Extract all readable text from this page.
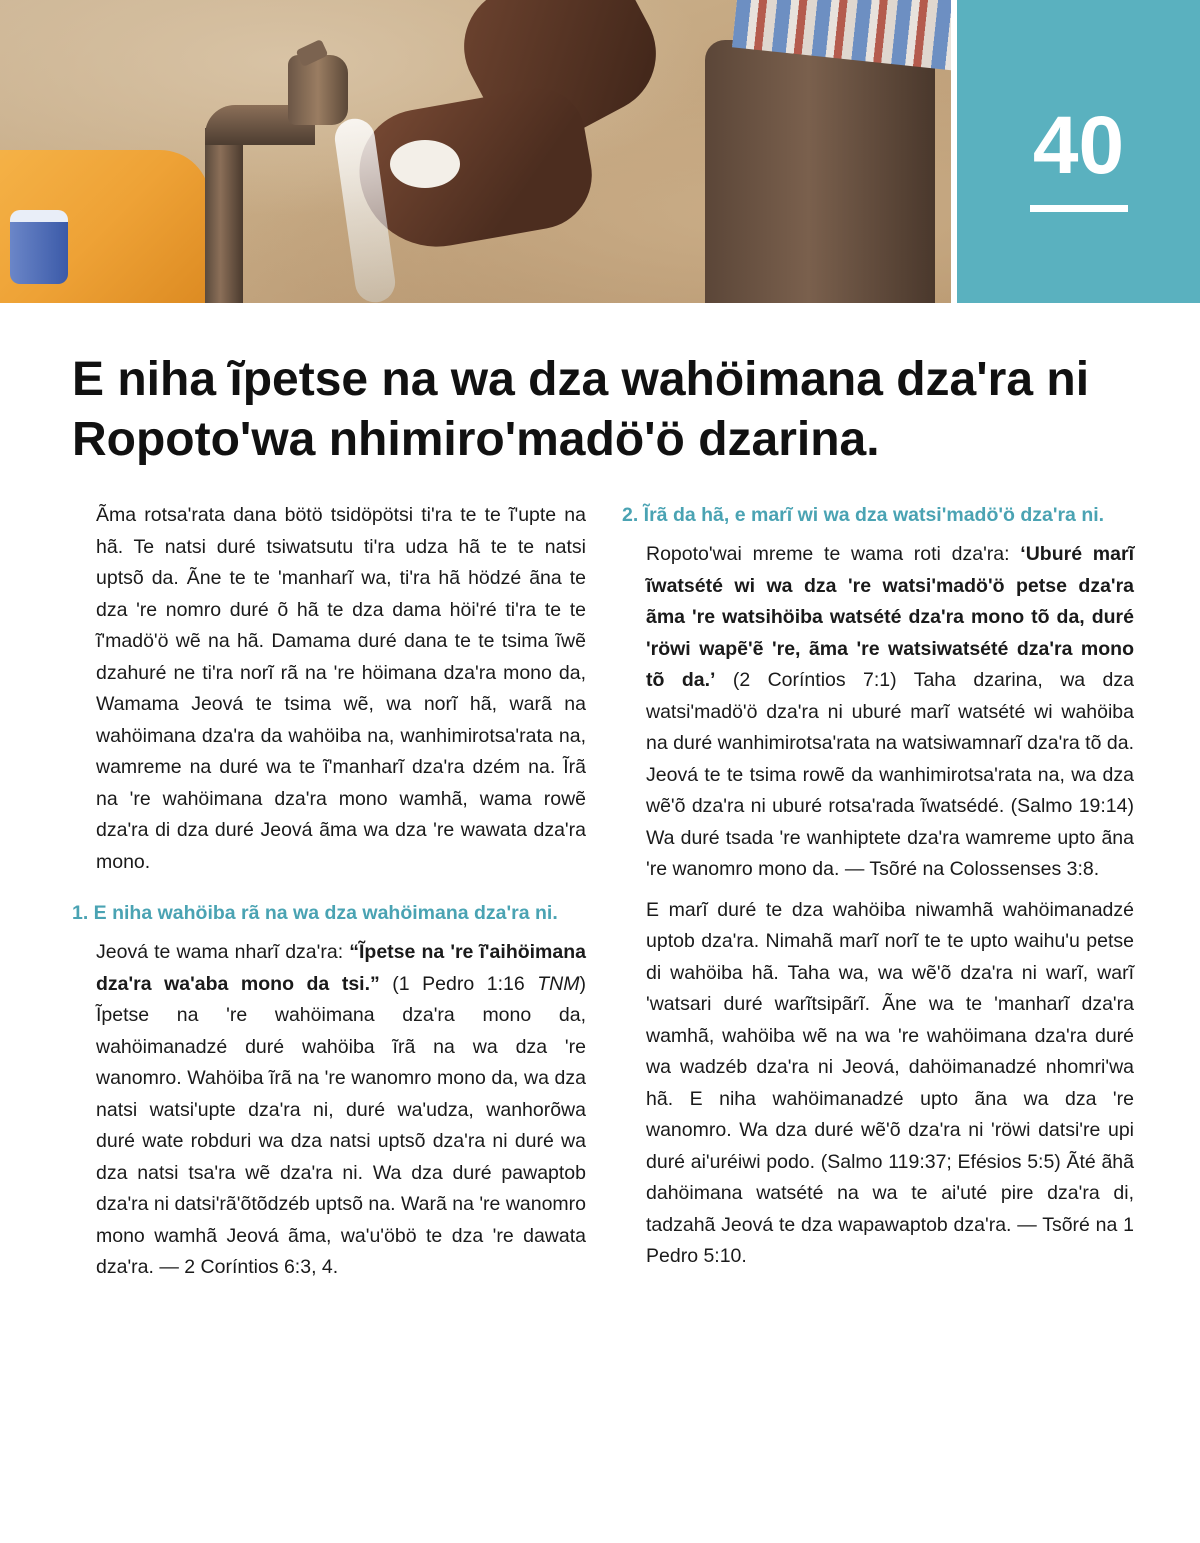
40
E niha ĩpetse na wa dza wahöimana dza'ra ni Ropoto'wa nhimiro'madö'ö dzarina.

Ãma rotsa'rata dana bötö tsidöpötsi ti'ra te te ĩ'upte na hã. Te natsi duré tsiwatsutu ti'ra udza hã te te natsi uptsõ da. Ãne te te 'manharĩ wa, ti'ra hã hödzé ãna te dza 're nomro duré õ hã te dza dama höi'ré ti'ra te te ĩ'madö'ö wẽ na hã. Damama duré dana te te tsima ĩwẽ dzahuré ne ti'ra norĩ rã na 're höimana dza'ra mono da, Wamama Jeová te tsima wẽ, wa norĩ hã, warã na wahöimana dza'ra da wahöiba na, wanhimirotsa'rata na, wamreme na duré wa te ĩ'manharĩ dza'ra dzém na. Ĩrã na 're wahöimana dza'ra mono wamhã, wama rowẽ dza'ra di dza duré Jeová ãma wa dza 're wawata dza'ra mono.

1. E niha wahöiba rã na wa dza wahöimana dza'ra ni.

Jeová te wama nharĩ dza'ra: “Ĩpetse na 're ĩ'aihöimana dza'ra wa'aba mono da tsi.” (1 Pedro 1:16 TNM) Ĩpetse na 're wahöimana dza'ra mono da, wahöimanadzé duré wahöiba ĩrã na wa dza 're wanomro. Wahöiba ĩrã na 're wanomro mono da, wa dza natsi watsi'upte dza'ra ni, duré wa'udza, wanhorõwa duré wate robduri wa dza natsi uptsõ dza'ra ni duré wa dza natsi tsa'ra wẽ dza'ra ni. Wa dza duré pawaptob dza'ra ni datsi'rã'õtõdzéb uptsõ na. Warã na 're wanomro mono wamhã Jeová ãma, wa'u'öbö te dza 're dawata dza'ra. — 2 Coríntios 6:3, 4.

2. Ĩrã da hã, e marĩ wi wa dza watsi'madö'ö dza'ra ni.

Ropoto'wai mreme te wama roti dza'ra: ‘Uburé marĩ ĩwatsété wi wa dza 're watsi'madö'ö petse dza'ra ãma 're watsihöiba watsété dza'ra mono tõ da, duré 'röwi wapẽ'ẽ 're, ãma 're watsiwatsété dza'ra mono tõ da.’ (2 Coríntios 7:1) Taha dzarina, wa dza watsi'madö'ö dza'ra ni uburé marĩ watsété wi wahöiba na duré wanhimirotsa'rata na watsiwamnarĩ dza'ra tõ da. Jeová te te tsima rowẽ da wanhimirotsa'rata na, wa dza wẽ'õ dza'ra ni uburé rotsa'rada ĩwatsédé. (Salmo 19:14) Wa duré tsada 're wanhiptete dza'ra wamreme upto ãna 're wanomro mono da. — Tsõré na Colossenses 3:8.

E marĩ duré te dza wahöiba niwamhã wahöimanadzé uptob dza'ra. Nimahã marĩ norĩ te te upto waihu'u petse di wahöiba hã. Taha wa, wa wẽ'õ dza'ra ni warĩ, warĩ 'watsari duré warĩtsipãrĩ. Ãne wa te 'manharĩ dza'ra wamhã, wahöiba wẽ na wa 're wahöimana dza'ra duré wa wadzéb dza'ra ni Jeová, dahöimanadzé nhomri'wa hã. E niha wahöimanadzé upto ãna wa dza 're wanomro. Wa dza duré wẽ'õ dza'ra ni 'röwi datsi're upi duré ai'uréiwi podo. (Salmo 119:37; Efésios 5:5) Ãté ãhã dahöimana watsété na wa te ai'uté pire dza'ra di, tadzahã Jeová te dza wapawaptob dza'ra. — Tsõré na 1 Pedro 5:10.
